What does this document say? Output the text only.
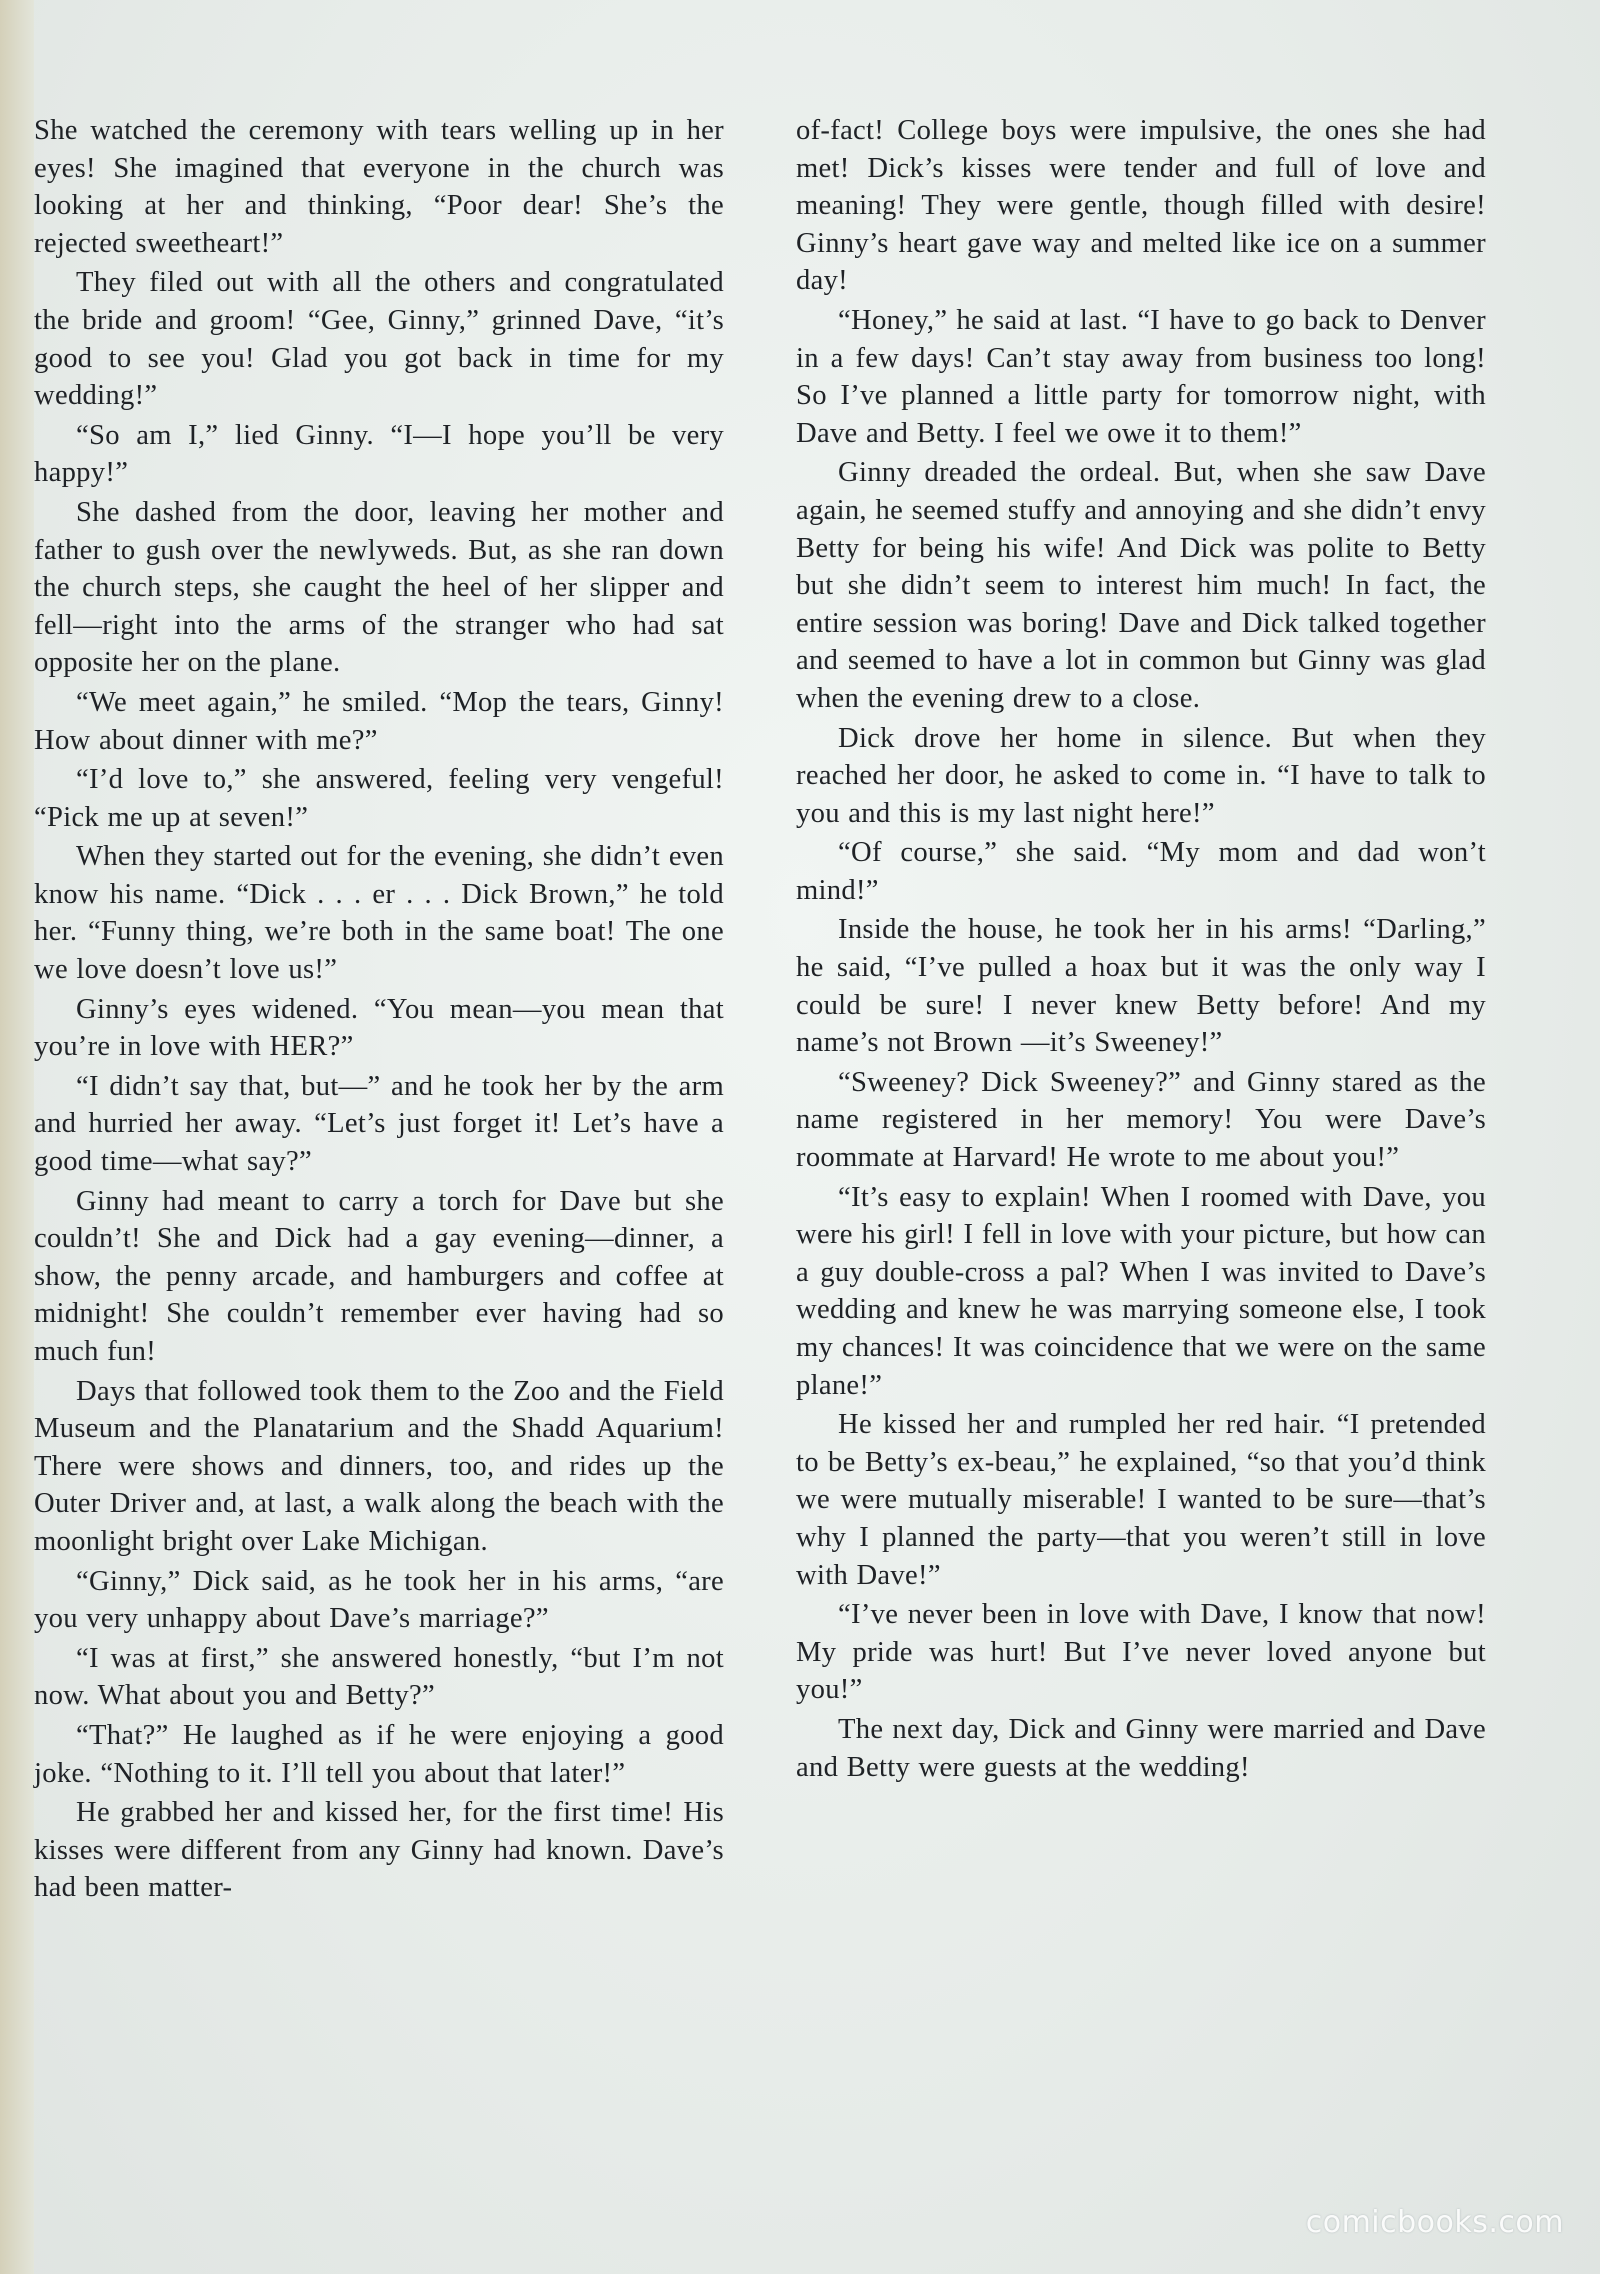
She watched the ceremony with tears welling up in her eyes! She imagined that everyone in the church was looking at her and thinking, “Poor dear! She’s the rejected sweetheart!”

They filed out with all the others and congratulated the bride and groom! “Gee, Ginny,” grinned Dave, “it’s good to see you! Glad you got back in time for my wedding!”

“So am I,” lied Ginny. “I—I hope you’ll be very happy!”

She dashed from the door, leaving her mother and father to gush over the newlyweds. But, as she ran down the church steps, she caught the heel of her slipper and fell—right into the arms of the stranger who had sat opposite her on the plane.

“We meet again,” he smiled. “Mop the tears, Ginny! How about dinner with me?”

“I’d love to,” she answered, feeling very vengeful! “Pick me up at seven!”

When they started out for the evening, she didn’t even know his name. “Dick . . . er . . . Dick Brown,” he told her. “Funny thing, we’re both in the same boat! The one we love doesn’t love us!”

Ginny’s eyes widened. “You mean—you mean that you’re in love with HER?”

“I didn’t say that, but—” and he took her by the arm and hurried her away. “Let’s just forget it! Let’s have a good time—what say?”

Ginny had meant to carry a torch for Dave but she couldn’t! She and Dick had a gay evening—dinner, a show, the penny arcade, and hamburgers and coffee at midnight! She couldn’t remember ever having had so much fun!

Days that followed took them to the Zoo and the Field Museum and the Planatarium and the Shadd Aquarium! There were shows and dinners, too, and rides up the Outer Driver and, at last, a walk along the beach with the moonlight bright over Lake Michigan.

“Ginny,” Dick said, as he took her in his arms, “are you very unhappy about Dave’s marriage?”

“I was at first,” she answered honestly, “but I’m not now. What about you and Betty?”

“That?” He laughed as if he were enjoying a good joke. “Nothing to it. I’ll tell you about that later!”

He grabbed her and kissed her, for the first time! His kisses were different from any Ginny had known. Dave’s had been matter-

of-fact! College boys were impulsive, the ones she had met! Dick’s kisses were tender and full of love and meaning! They were gentle, though filled with desire! Ginny’s heart gave way and melted like ice on a summer day!

“Honey,” he said at last. “I have to go back to Denver in a few days! Can’t stay away from business too long! So I’ve planned a little party for tomorrow night, with Dave and Betty. I feel we owe it to them!”

Ginny dreaded the ordeal. But, when she saw Dave again, he seemed stuffy and annoying and she didn’t envy Betty for being his wife! And Dick was polite to Betty but she didn’t seem to interest him much! In fact, the entire session was boring! Dave and Dick talked together and seemed to have a lot in common but Ginny was glad when the evening drew to a close.

Dick drove her home in silence. But when they reached her door, he asked to come in. “I have to talk to you and this is my last night here!”

“Of course,” she said. “My mom and dad won’t mind!”

Inside the house, he took her in his arms! “Darling,” he said, “I’ve pulled a hoax but it was the only way I could be sure! I never knew Betty before! And my name’s not Brown —it’s Sweeney!”

“Sweeney? Dick Sweeney?” and Ginny stared as the name registered in her memory! You were Dave’s roommate at Harvard! He wrote to me about you!”

“It’s easy to explain! When I roomed with Dave, you were his girl! I fell in love with your picture, but how can a guy double-cross a pal? When I was invited to Dave’s wedding and knew he was marrying someone else, I took my chances! It was coincidence that we were on the same plane!”

He kissed her and rumpled her red hair. “I pretended to be Betty’s ex-beau,” he explained, “so that you’d think we were mutually miserable! I wanted to be sure—that’s why I planned the party—that you weren’t still in love with Dave!”

“I’ve never been in love with Dave, I know that now! My pride was hurt! But I’ve never loved anyone but you!”

The next day, Dick and Ginny were married and Dave and Betty were guests at the wedding!

comicbooks.com
